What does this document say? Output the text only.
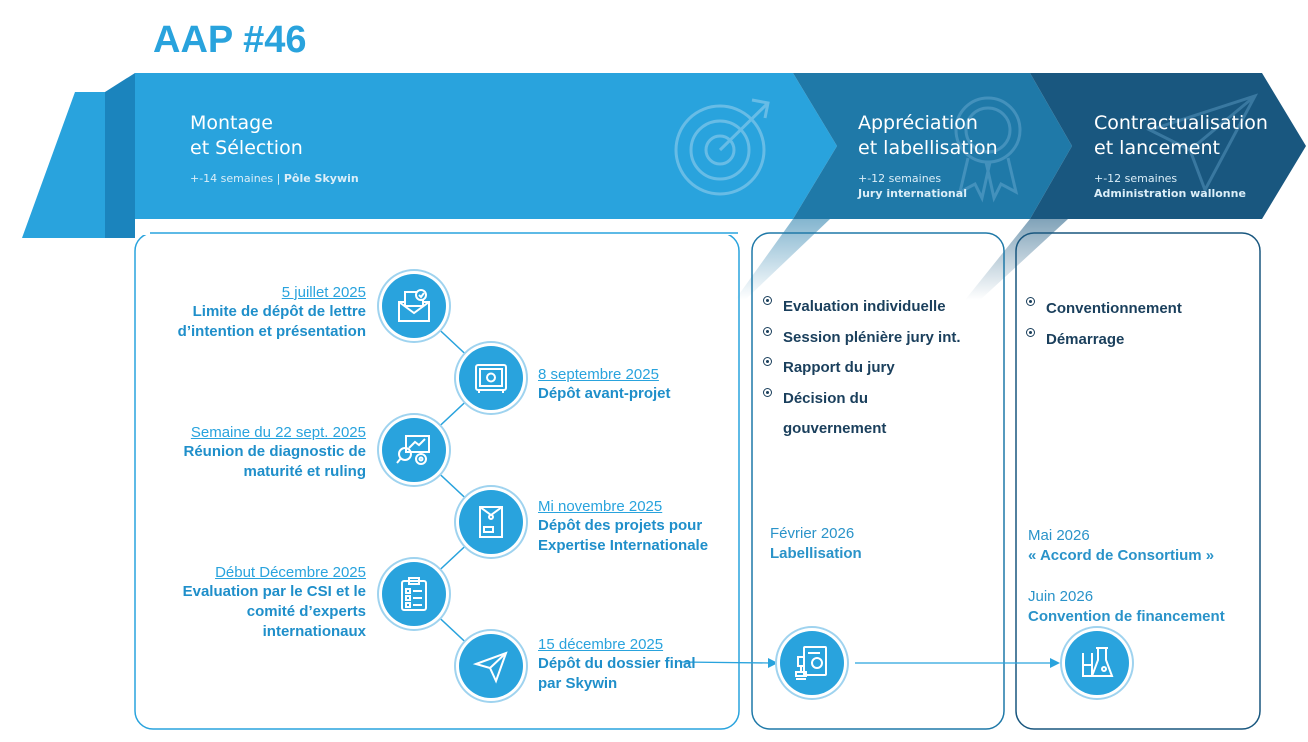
AAP #46
Montage
et Sélection
+-14 semaines | Pôle Skywin
Appréciation
et labellisation
+-12 semaines
Jury international
Contractualisation
et lancement
+-12 semaines
Administration wallonne
5 juillet 2025
Limite de dépôt de lettre d’intention et présentation
8 septembre 2025
Dépôt avant-projet
Semaine du 22 sept. 2025
Réunion de diagnostic de maturité et ruling
Mi novembre 2025
Dépôt des projets pour Expertise Internationale
Début Décembre 2025
Evaluation par le CSI et le comité d’experts internationaux
15 décembre 2025
Dépôt du dossier final par Skywin
Evaluation individuelle
Session plénière jury int.
Rapport du jury
Décision du gouvernement
Février 2026
Labellisation
Conventionnement
Démarrage
Mai 2026
« Accord de Consortium »
Juin 2026
Convention de financement
